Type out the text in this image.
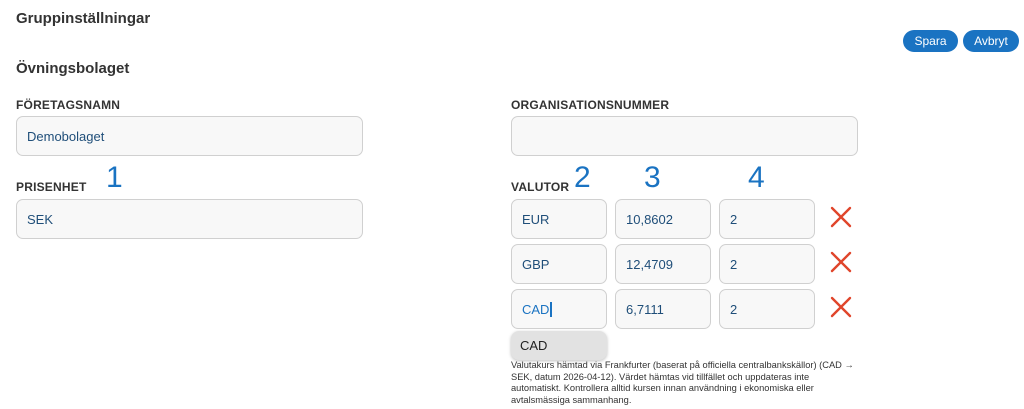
Gruppinställningar
Övningsbolaget
Spara	Avbryt
FÖRETAGSNAMN
Demobolaget
ORGANISATIONSNUMMER
PRISENHET
SEK
VALUTOR
1	2 3	4
EUR	10,8602	2
GBP	12,4709	2
CAD	6,7111	2
CAD
Valutakurs hämtad via Frankfurter (baserat på officiella centralbankskällor) (CAD → SEK, datum 2026-04-12). Värdet hämtas vid tillfället och uppdateras inte automatiskt. Kontrollera alltid kursen innan användning i ekonomiska eller avtalsmässiga sammanhang.
